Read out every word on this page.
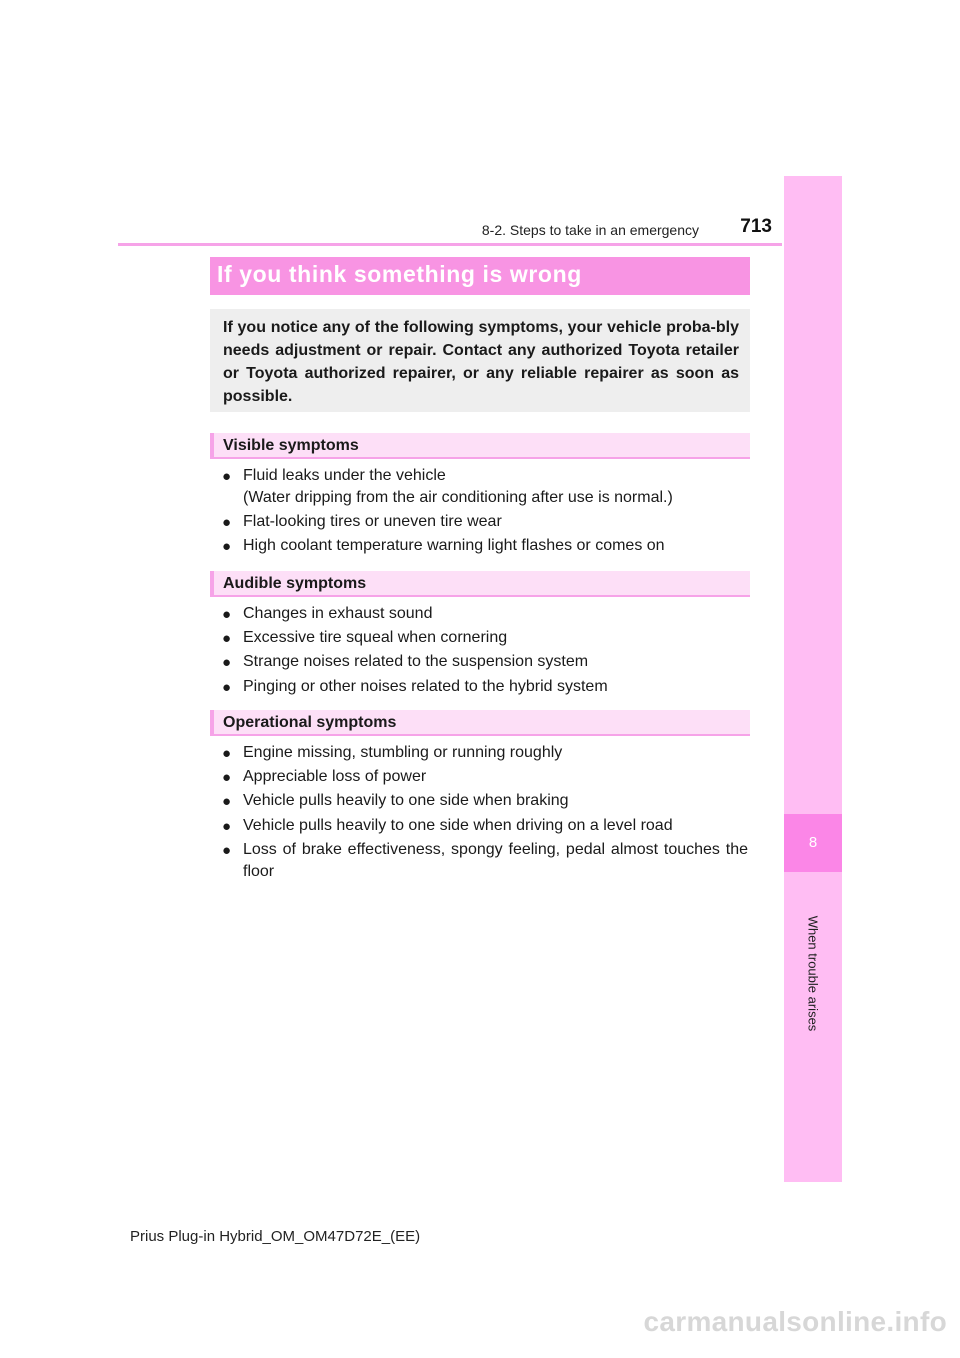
8-2. Steps to take in an emergency 713
8
When trouble arises
If you think something is wrong
If you notice any of the following symptoms, your vehicle proba-bly needs adjustment or repair. Contact any authorized Toyota retailer or Toyota authorized repairer, or any reliable repairer as soon as possible.
Visible symptoms
● Fluid leaks under the vehicle
(Water dripping from the air conditioning after use is normal.)
● Flat-looking tires or uneven tire wear
● High coolant temperature warning light flashes or comes on
Audible symptoms
● Changes in exhaust sound
● Excessive tire squeal when cornering
● Strange noises related to the suspension system
● Pinging or other noises related to the hybrid system
Operational symptoms
● Engine missing, stumbling or running roughly
● Appreciable loss of power
● Vehicle pulls heavily to one side when braking
● Vehicle pulls heavily to one side when driving on a level road
● Loss of brake effectiveness, spongy feeling, pedal almost touches the floor
Prius Plug-in Hybrid_OM_OM47D72E_(EE)
carmanualsonline.info
